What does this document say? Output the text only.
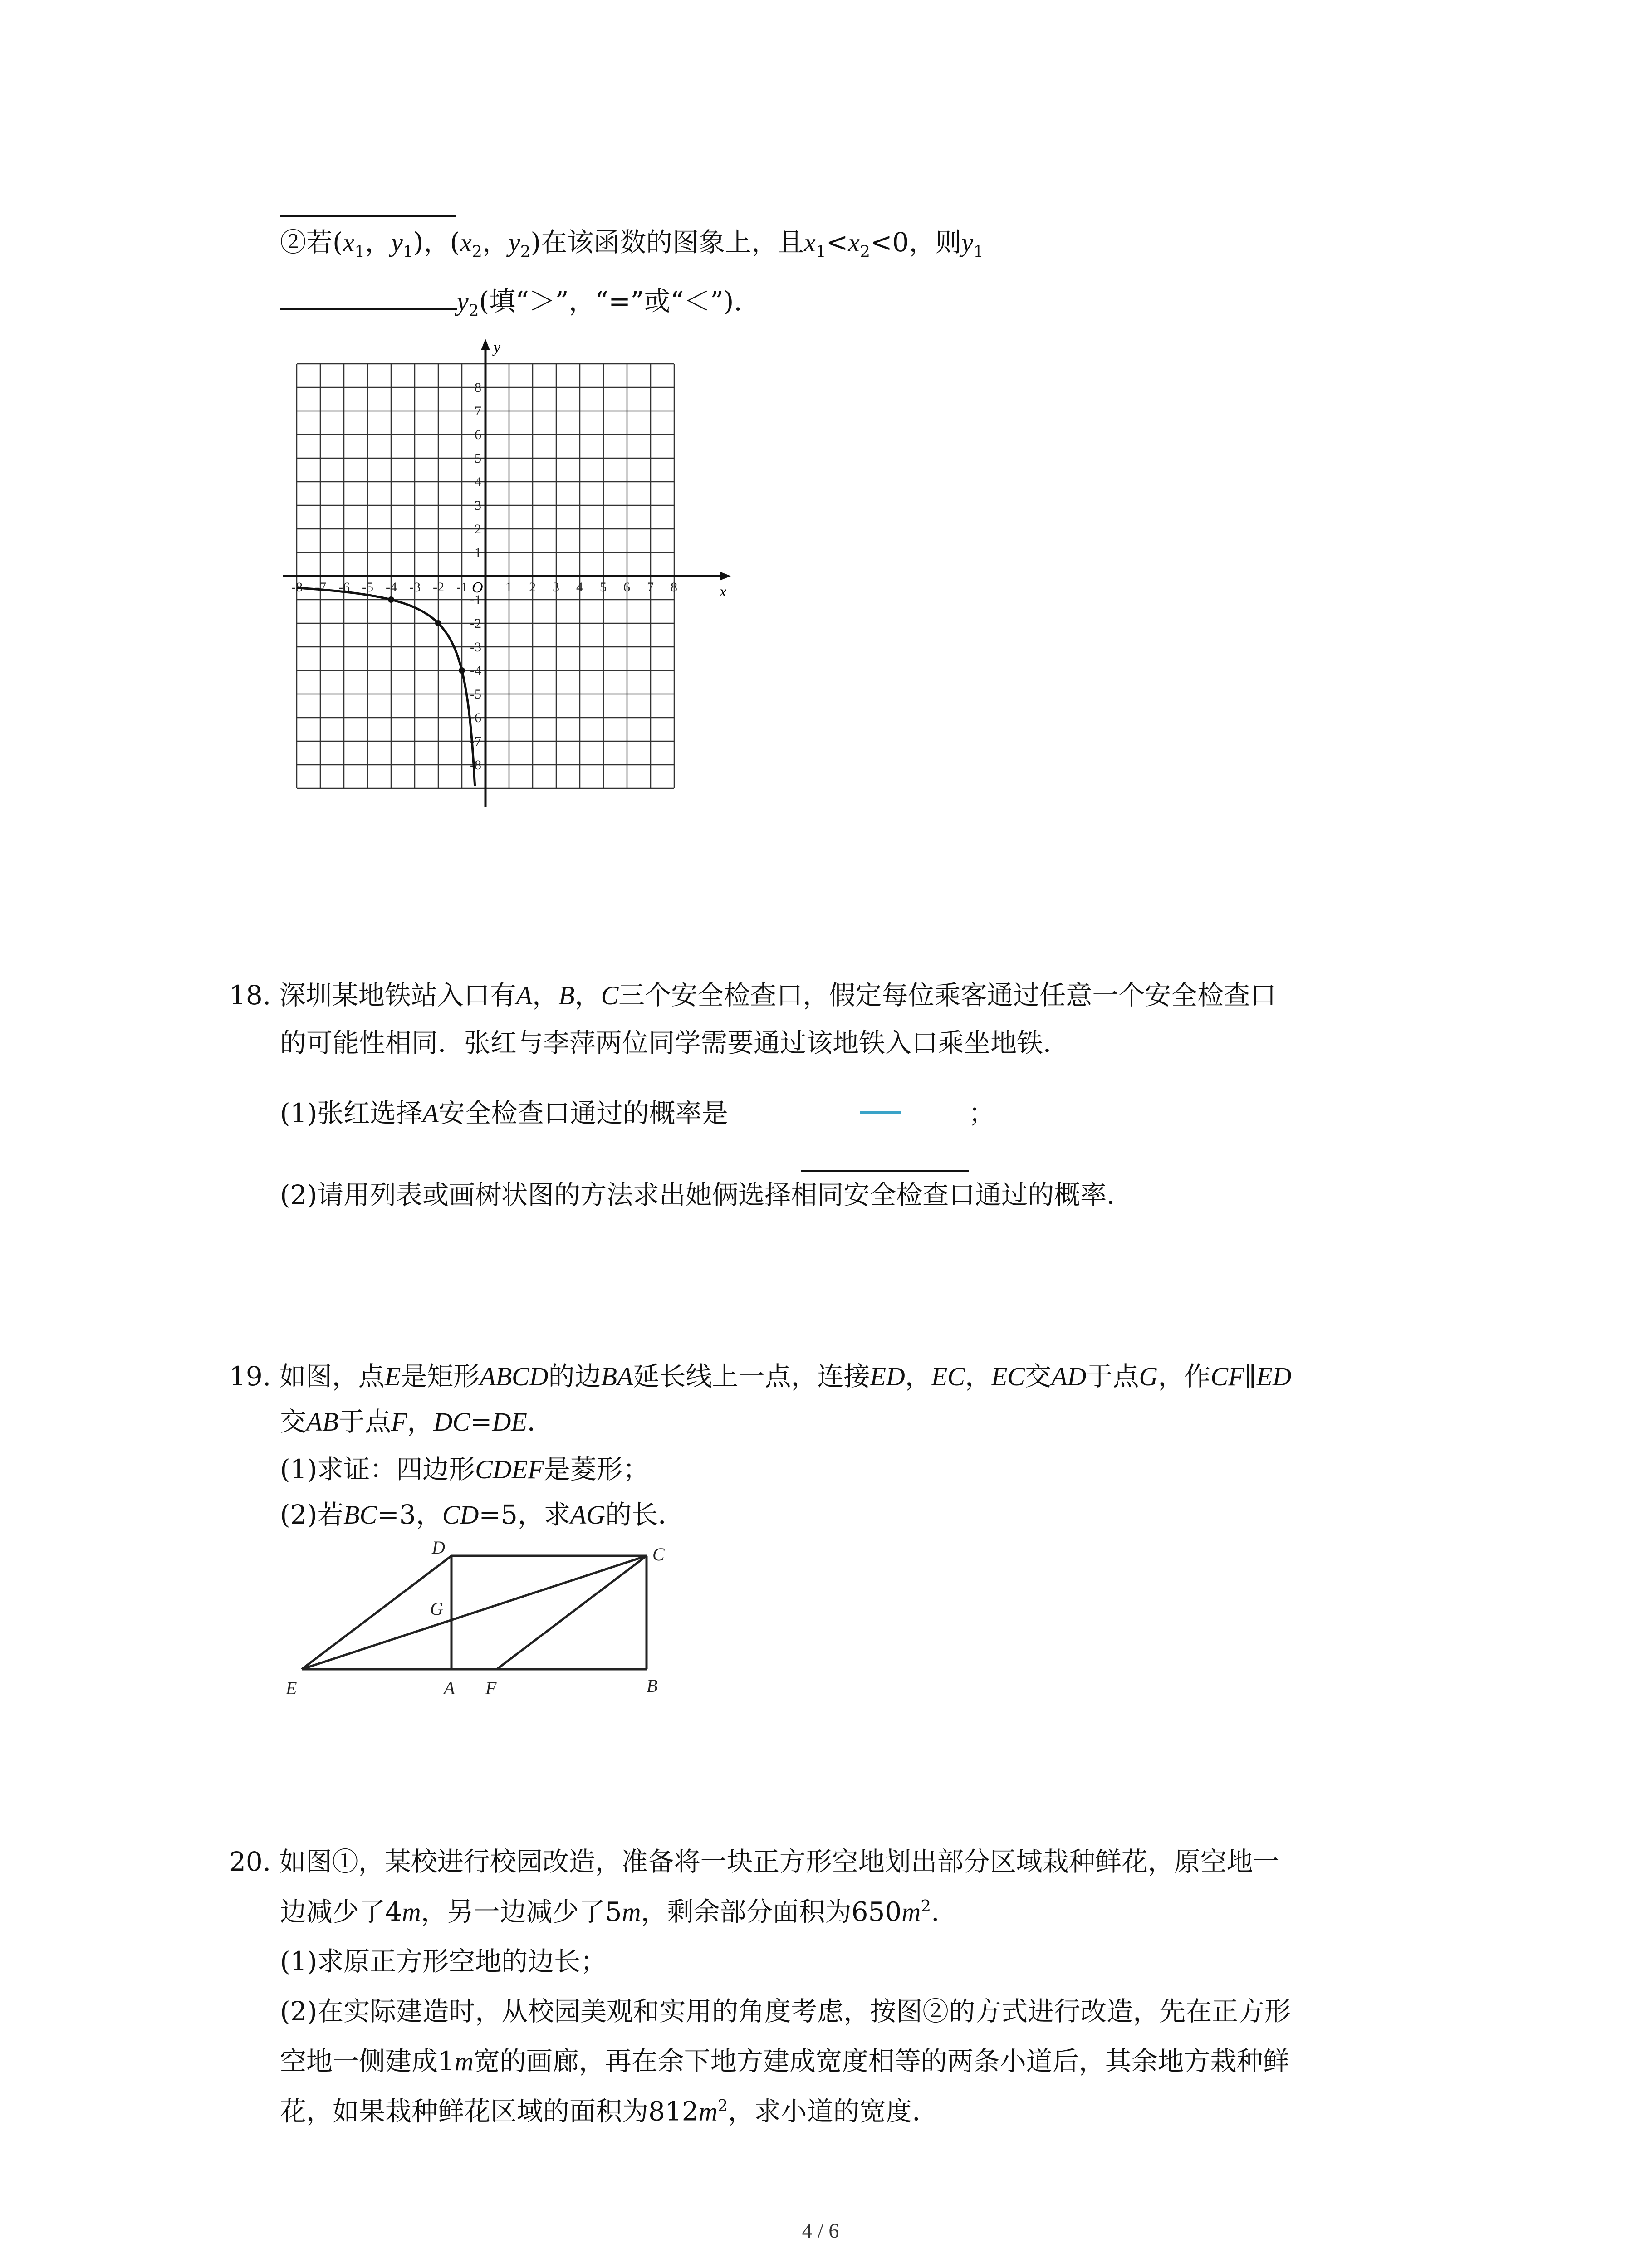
②若($x_1$，$y_1$)，($x_2$，$y_2$)在该函数的图象上，且$x_1<x_2<0$，则$y_1$
$y_2$(填“＞”，“=”或“＜”).
x
y
O
-8 -7 -6 -5 -4 -3 -2 -1	1 2 3 4 5 6 7 8
8
7
6
5
4
3
2
1
-1
-2
-3
-4
-5
-6
-7
-8
18. 深圳某地铁站入口有A，B，C三个安全检查口，假定每位乘客通过任意一个安全检查口
的可能性相同．张红与李萍两位同学需要通过该地铁入口乘坐地铁．
(1)张红选择A安全检查口通过的概率是	；
(2)请用列表或画树状图的方法求出她俩选择相同安全检查口通过的概率．
19. 如图，点E是矩形ABCD的边BA延长线上一点，连接ED，EC，EC交AD于点G，作CF∥ED
交AB于点F，DC=DE．
(1)求证：四边形CDEF是菱形；
(2)若BC=3，CD=5，求AG的长．
D	C
G
E	A F	B
20. 如图①，某校进行校园改造，准备将一块正方形空地划出部分区域栽种鲜花，原空地一
边减少了4m，另一边减少了5m，剩余部分面积为$650m^2$.
(1)求原正方形空地的边长；
(2)在实际建造时，从校园美观和实用的角度考虑，按图②的方式进行改造，先在正方形
空地一侧建成1m宽的画廊，再在余下地方建成宽度相等的两条小道后，其余地方栽种鲜
花，如果栽种鲜花区域的面积为$812m^2$，求小道的宽度．
4 / 6
